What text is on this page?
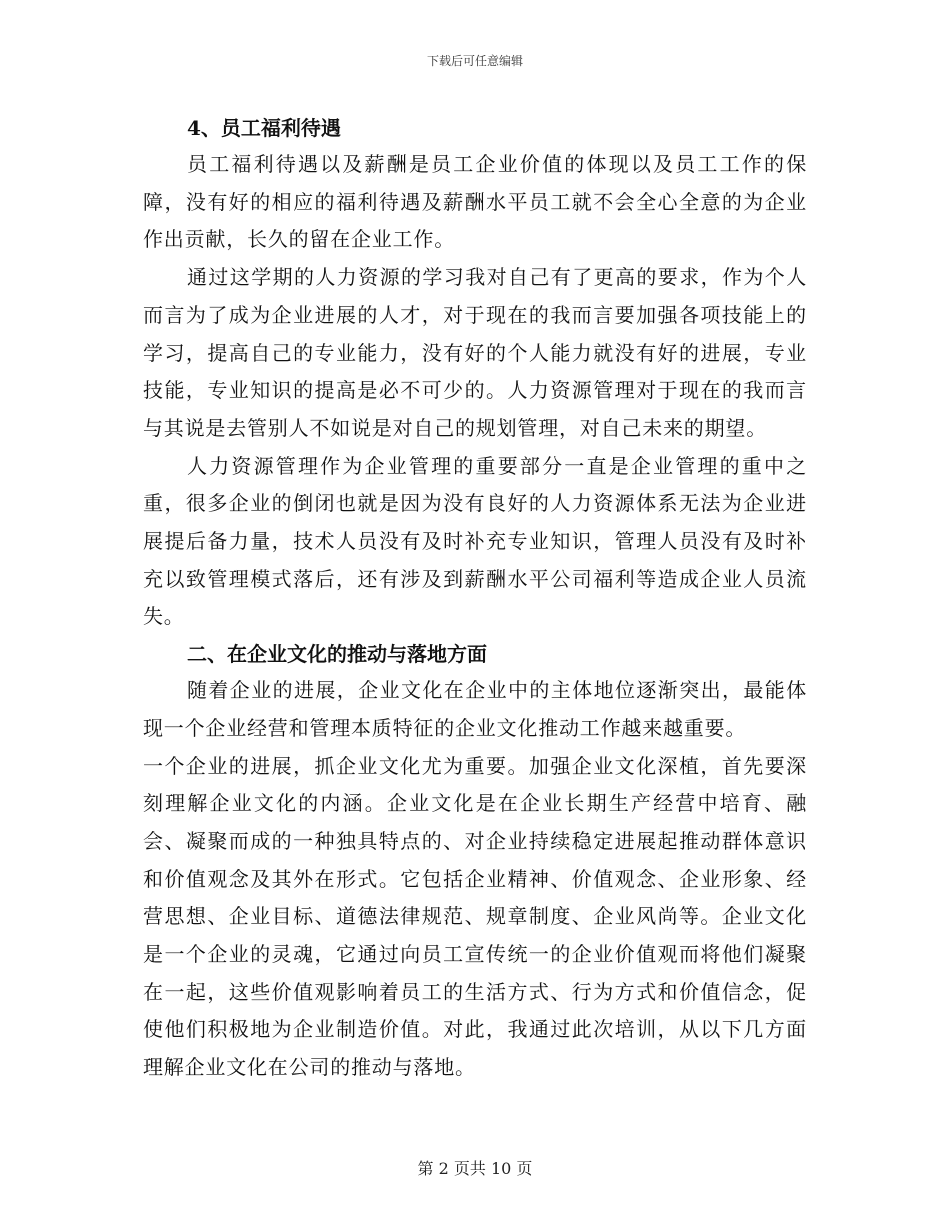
下载后可任意编辑
4、员工福利待遇

员工福利待遇以及薪酬是员工企业价值的体现以及员工工作的保障，没有好的相应的福利待遇及薪酬水平员工就不会全心全意的为企业作出贡献，长久的留在企业工作。

通过这学期的人力资源的学习我对自己有了更高的要求，作为个人而言为了成为企业进展的人才，对于现在的我而言要加强各项技能上的学习，提高自己的专业能力，没有好的个人能力就没有好的进展，专业技能，专业知识的提高是必不可少的。人力资源管理对于现在的我而言与其说是去管别人不如说是对自己的规划管理，对自己未来的期望。

人力资源管理作为企业管理的重要部分一直是企业管理的重中之重，很多企业的倒闭也就是因为没有良好的人力资源体系无法为企业进展提后备力量，技术人员没有及时补充专业知识，管理人员没有及时补充以致管理模式落后，还有涉及到薪酬水平公司福利等造成企业人员流失。

二、在企业文化的推动与落地方面

随着企业的进展，企业文化在企业中的主体地位逐渐突出，最能体现一个企业经营和管理本质特征的企业文化推动工作越来越重要。

一个企业的进展，抓企业文化尤为重要。加强企业文化深植，首先要深刻理解企业文化的内涵。企业文化是在企业长期生产经营中培育、融会、凝聚而成的一种独具特点的、对企业持续稳定进展起推动群体意识和价值观念及其外在形式。它包括企业精神、价值观念、企业形象、经营思想、企业目标、道德法律规范、规章制度、企业风尚等。企业文化是一个企业的灵魂，它通过向员工宣传统一的企业价值观而将他们凝聚在一起，这些价值观影响着员工的生活方式、行为方式和价值信念，促使他们积极地为企业制造价值。对此，我通过此次培训，从以下几方面理解企业文化在公司的推动与落地。

第 2 页共 10 页
